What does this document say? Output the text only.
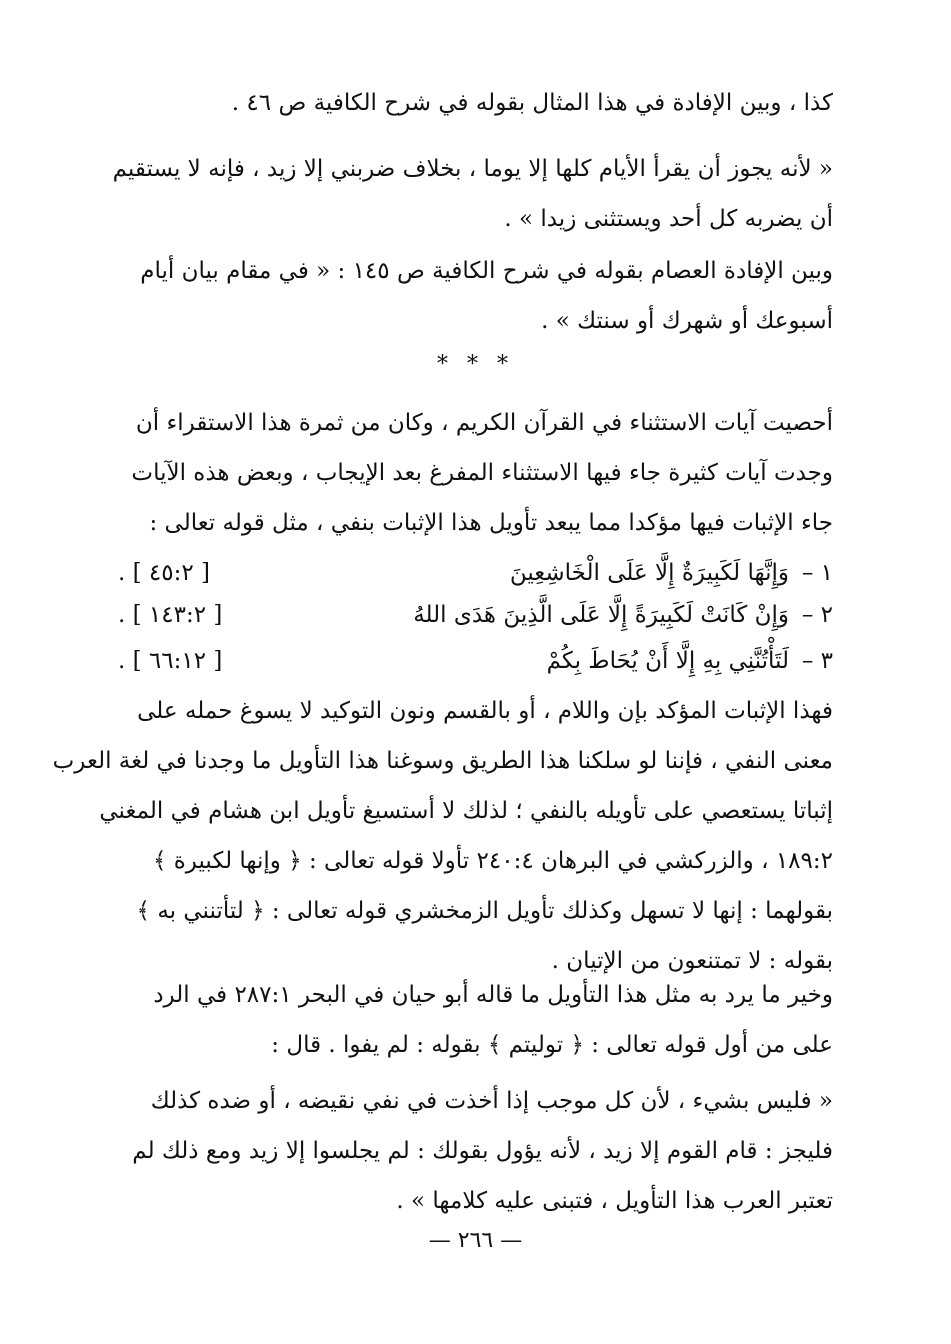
كذا ، وبين الإفادة في هذا المثال بقوله في شرح الكافية ص ٤٦ .
« لأنه يجوز أن يقرأ الأيام كلها إلا يوما ، بخلاف ضربني إلا زيد ، فإنه لا يستقيم
أن يضربه كل أحد ويستثنى زيدا » .
وبين الإفادة العصام بقوله في شرح الكافية ص ١٤٥ : « في مقام بيان أيام
أسبوعك أو شهرك أو سنتك » .
* * *
أحصيت آيات الاستثناء في القرآن الكريم ، وكان من ثمرة هذا الاستقراء أن
وجدت آيات كثيرة جاء فيها الاستثناء المفرغ بعد الإيجاب ، وبعض هذه الآيات
جاء الإثبات فيها مؤكدا مما يبعد تأويل هذا الإثبات بنفي ، مثل قوله تعالى :
١ –
وَإِنَّهَا لَكَبِيرَةٌ إِلَّا عَلَى الْخَاشِعِينَ
[ ٤٥:٢ ] .
٢ –
وَإِنْ كَانَتْ لَكَبِيرَةً إِلَّا عَلَى الَّذِينَ هَدَى اللهُ
[ ١٤٣:٢ ] .
٣ –
لَتَأْتُنَّنِي بِهِ إِلَّا أَنْ يُحَاطَ بِكُمْ
[ ٦٦:١٢ ] .
فهذا الإثبات المؤكد بإن واللام ، أو بالقسم ونون التوكيد لا يسوغ حمله على
معنى النفي ، فإننا لو سلكنا هذا الطريق وسوغنا هذا التأويل ما وجدنا في لغة العرب
إثباتا يستعصي على تأويله بالنفي ؛ لذلك لا أستسيغ تأويل ابن هشام في المغني
١٨٩:٢ ، والزركشي في البرهان ٢٤٠:٤ تأولا قوله تعالى : ﴿ وإنها لكبيرة ﴾
بقولهما : إنها لا تسهل وكذلك تأويل الزمخشري قوله تعالى : ﴿ لتأتنني به ﴾
بقوله : لا تمتنعون من الإتيان .
وخير ما يرد به مثل هذا التأويل ما قاله أبو حيان في البحر ٢٨٧:١ في الرد
على من أول قوله تعالى : ﴿ تولیتم ﴾ بقوله : لم يفوا . قال :
« فليس بشيء ، لأن كل موجب إذا أخذت في نفي نقيضه ، أو ضده كذلك
فليجز : قام القوم إلا زيد ، لأنه يؤول بقولك : لم يجلسوا إلا زيد ومع ذلك لم
تعتبر العرب هذا التأويل ، فتبنى عليه كلامها » .
— ٢٦٦ —
